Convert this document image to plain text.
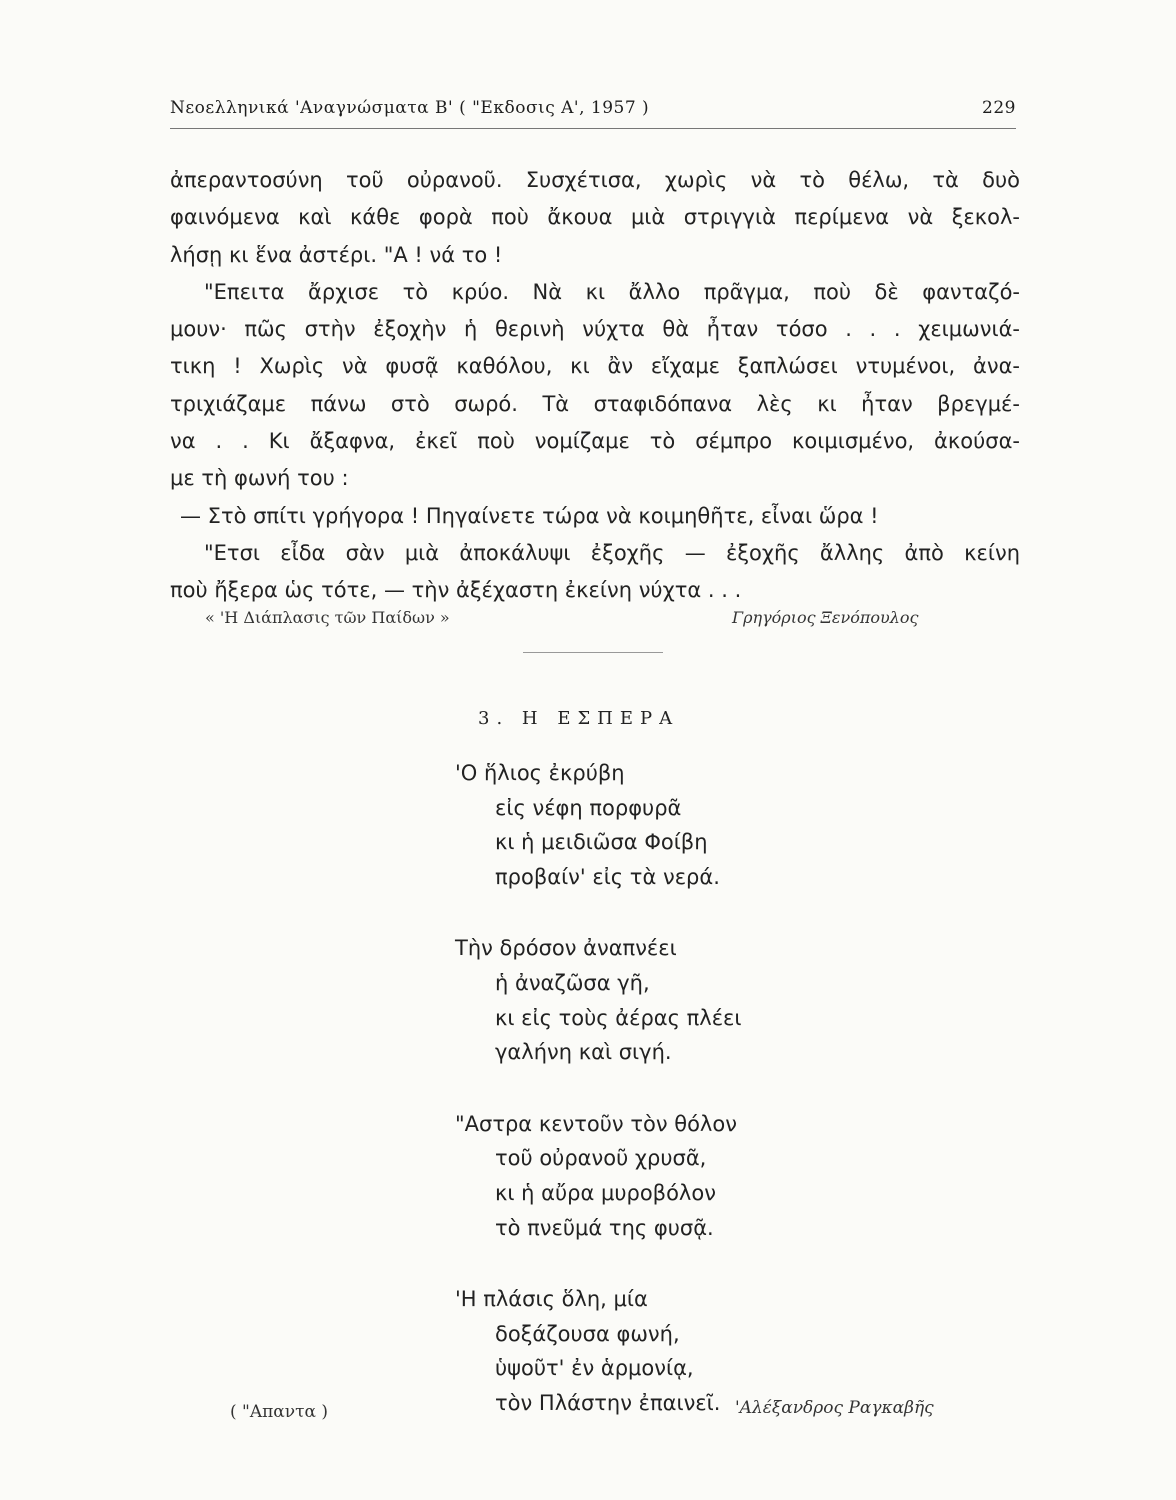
Νεοελληνικά 'Αναγνώσματα Β' ( "Εκδοσις Α', 1957 )	229
ἀπεραντοσύνη τοῦ οὐρανοῦ. Συσχέτισα, χωρὶς νὰ τὸ θέλω, τὰ δυὸ
φαινόμενα καὶ κάθε φορὰ ποὺ ἄκουα μιὰ στριγγιὰ περίμενα νὰ ξεκολ-
λήσῃ κι ἕνα ἀστέρι. "Α ! νά το !
"Επειτα ἄρχισε τὸ κρύο. Νὰ κι ἄλλο πρᾶγμα, ποὺ δὲ φανταζό-
μουν· πῶς στὴν ἐξοχὴν ἡ θερινὴ νύχτα θὰ ἦταν τόσο . . . χειμωνιά-
τικη ! Χωρὶς νὰ φυσᾷ καθόλου, κι ἂν εἴχαμε ξαπλώσει ντυμένοι, ἀνα-
τριχιάζαμε πάνω στὸ σωρό. Τὰ σταφιδόπανα λὲς κι ἦταν βρεγμέ-
να . . Κι ἄξαφνα, ἐκεῖ ποὺ νομίζαμε τὸ σέμπρο κοιμισμένο, ἀκούσα-
με τὴ φωνή του :
— Στὸ σπίτι γρήγορα ! Πηγαίνετε τώρα νὰ κοιμηθῆτε, εἶναι ὥρα !
"Ετσι εἶδα σὰν μιὰ ἀποκάλυψι ἐξοχῆς — ἐξοχῆς ἄλλης ἀπὸ κείνη
ποὺ ἤξερα ὡς τότε, — τὴν ἀξέχαστη ἐκείνη νύχτα . . .
« 'Η Διάπλασις τῶν Παίδων »	Γρηγόριος Ξενόπουλος
3. Η ΕΣΠΕΡΑ
'Ο ἥλιος ἐκρύβη
εἰς νέφη πορφυρᾶ
κι ἡ μειδιῶσα Φοίβη
προβαίν' εἰς τὰ νερά.
Τὴν δρόσον ἀναπνέει
ἡ ἀναζῶσα γῆ,
κι εἰς τοὺς ἀέρας πλέει
γαλήνη καὶ σιγή.
"Αστρα κεντοῦν τὸν θόλον
τοῦ οὐρανοῦ χρυσᾶ,
κι ἡ αὔρα μυροβόλον
τὸ πνεῦμά της φυσᾷ.
'Η πλάσις ὅλη, μία
δοξάζουσα φωνή,
ὑψοῦτ' ἐν ἁρμονίᾳ,
τὸν Πλάστην ἐπαινεῖ.
( "Απαντα )	'Αλέξανδρος Ραγκαβῆς
